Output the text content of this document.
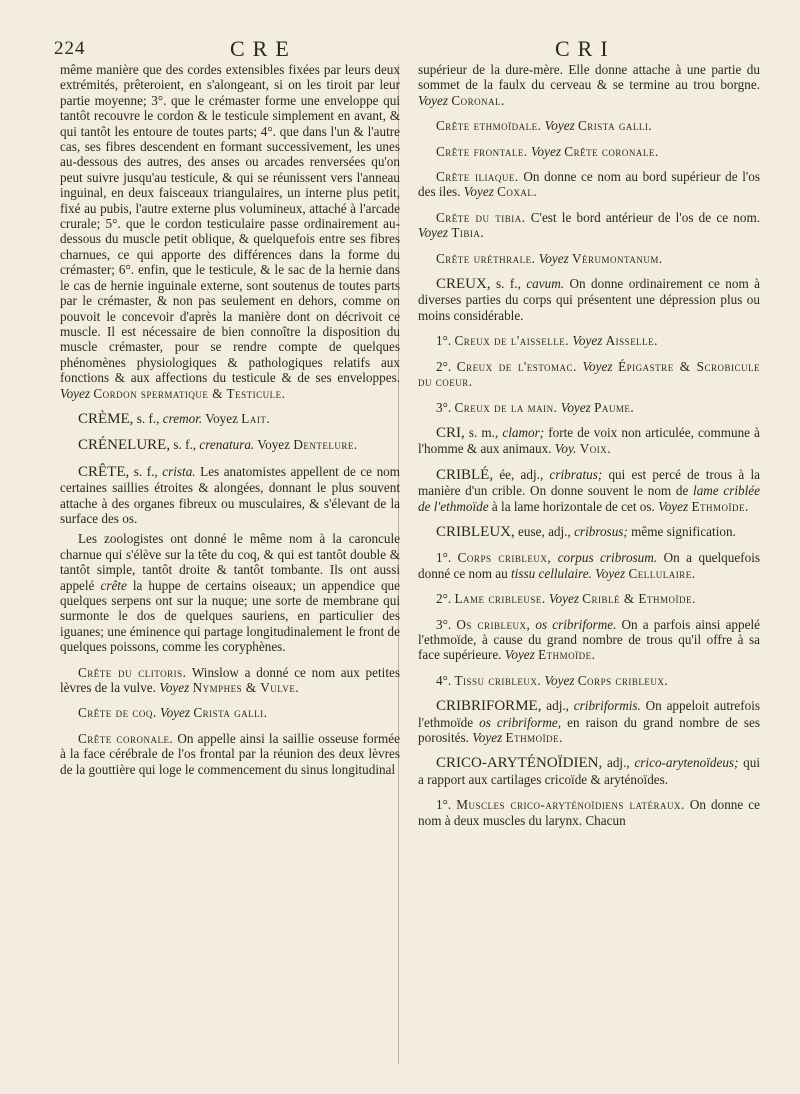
224	CRE	CRI

même manière que des cordes extensibles fixées par leurs deux extrémités, prêteroient, en s'alongeant, si on les tiroit par leur partie moyenne; 3°. que le crémaster forme une enveloppe qui tantôt recouvre le cordon & le testicule simplement en avant, & qui tantôt les entoure de toutes parts; 4°. que dans l'un & l'autre cas, ses fibres descendent en formant successivement, les unes au-dessous des autres, des anses ou arcades renversées qu'on peut suivre jusqu'au testicule, & qui se réunissent vers l'anneau inguinal, en deux faisceaux triangulaires, un interne plus petit, fixé au pubis, l'autre externe plus volumineux, attaché à l'arcade crurale; 5°. que le cordon testiculaire passe ordinairement au-dessous du muscle petit oblique, & quelquefois entre ses fibres charnues, ce qui apporte des différences dans la forme du crémaster; 6°. enfin, que le testicule, & le sac de la hernie dans le cas de hernie inguinale externe, sont soutenus de toutes parts par le crémaster, & non pas seulement en dehors, comme on pouvoit le concevoir d'après la manière dont on décrivoit ce muscle. Il est nécessaire de bien connoître la disposition du muscle crémaster, pour se rendre compte de quelques phénomènes physiologiques & pathologiques relatifs aux fonctions & aux affections du testicule & de ses enveloppes. Voyez Cordon spermatique & Testicule.

CRÈME, s. f., cremor. Voyez Lait.

CRÉNELURE, s. f., crenatura. Voyez Dentelure.

CRÊTE, s. f., crista. Les anatomistes appellent de ce nom certaines saillies étroites & alongées, donnant le plus souvent attache à des organes fibreux ou musculaires, & s'élevant de la surface des os.

Les zoologistes ont donné le même nom à la caroncule charnue qui s'élève sur la tête du coq, & qui est tantôt double & tantôt simple, tantôt droite & tantôt tombante. Ils ont aussi appelé crête la huppe de certains oiseaux; un appendice que quelques serpens ont sur la nuque; une sorte de membrane qui surmonte le dos de quelques sauriens, en particulier des iguanes; une éminence qui partage longitudinalement le front de quelques poissons, comme les coryphènes.

Crête du clitoris. Winslow a donné ce nom aux petites lèvres de la vulve. Voyez Nymphes & Vulve.

Crête de coq. Voyez Crista galli.

Crête coronale. On appelle ainsi la saillie osseuse formée à la face cérébrale de l'os frontal par la réunion des deux lèvres de la gouttière qui loge le commencement du sinus longitudinal

supérieur de la dure-mère. Elle donne attache à une partie du sommet de la faulx du cerveau & se termine au trou borgne. Voyez Coronal.

Crête ethmoïdale. Voyez Crista galli.

Crête frontale. Voyez Crête coronale.

Crête iliaque. On donne ce nom au bord supérieur de l'os des iles. Voyez Coxal.

Crête du tibia. C'est le bord antérieur de l'os de ce nom. Voyez Tibia.

Crête uréthrale. Voyez Vérumontanum.

CREUX, s. f., cavum. On donne ordinairement ce nom à diverses parties du corps qui présentent une dépression plus ou moins considérable.

1°. Creux de l'aisselle. Voyez Aisselle.

2°. Creux de l'estomac. Voyez Épigastre & Scrobicule du coeur.

3°. Creux de la main. Voyez Paume.

CRI, s. m., clamor; forte de voix non articulée, commune à l'homme & aux animaux. Voy. Voix.

CRIBLÉ, ée, adj., cribratus; qui est percé de trous à la manière d'un crible. On donne souvent le nom de lame criblée de l'ethmoïde à la lame horizontale de cet os. Voyez Ethmoïde.

CRIBLEUX, euse, adj., cribrosus; même signification.

1°. Corps cribleux, corpus cribrosum. On a quelquefois donné ce nom au tissu cellulaire. Voyez Cellulaire.

2°. Lame cribleuse. Voyez Criblé & Ethmoïde.

3°. Os cribleux, os cribriforme. On a parfois ainsi appelé l'ethmoïde, à cause du grand nombre de trous qu'il offre à sa face supérieure. Voyez Ethmoïde.

4°. Tissu cribleux. Voyez Corps cribleux.

CRIBRIFORME, adj., cribriformis. On appeloit autrefois l'ethmoïde os cribriforme, en raison du grand nombre de ses porosités. Voyez Ethmoïde.

CRICO-ARYTÉNOÏDIEN, adj., crico-arytenoïdeus; qui a rapport aux cartilages cricoïde & aryténoïdes.

1°. Muscles crico-aryténoïdiens latéraux. On donne ce nom à deux muscles du larynx. Chacun
